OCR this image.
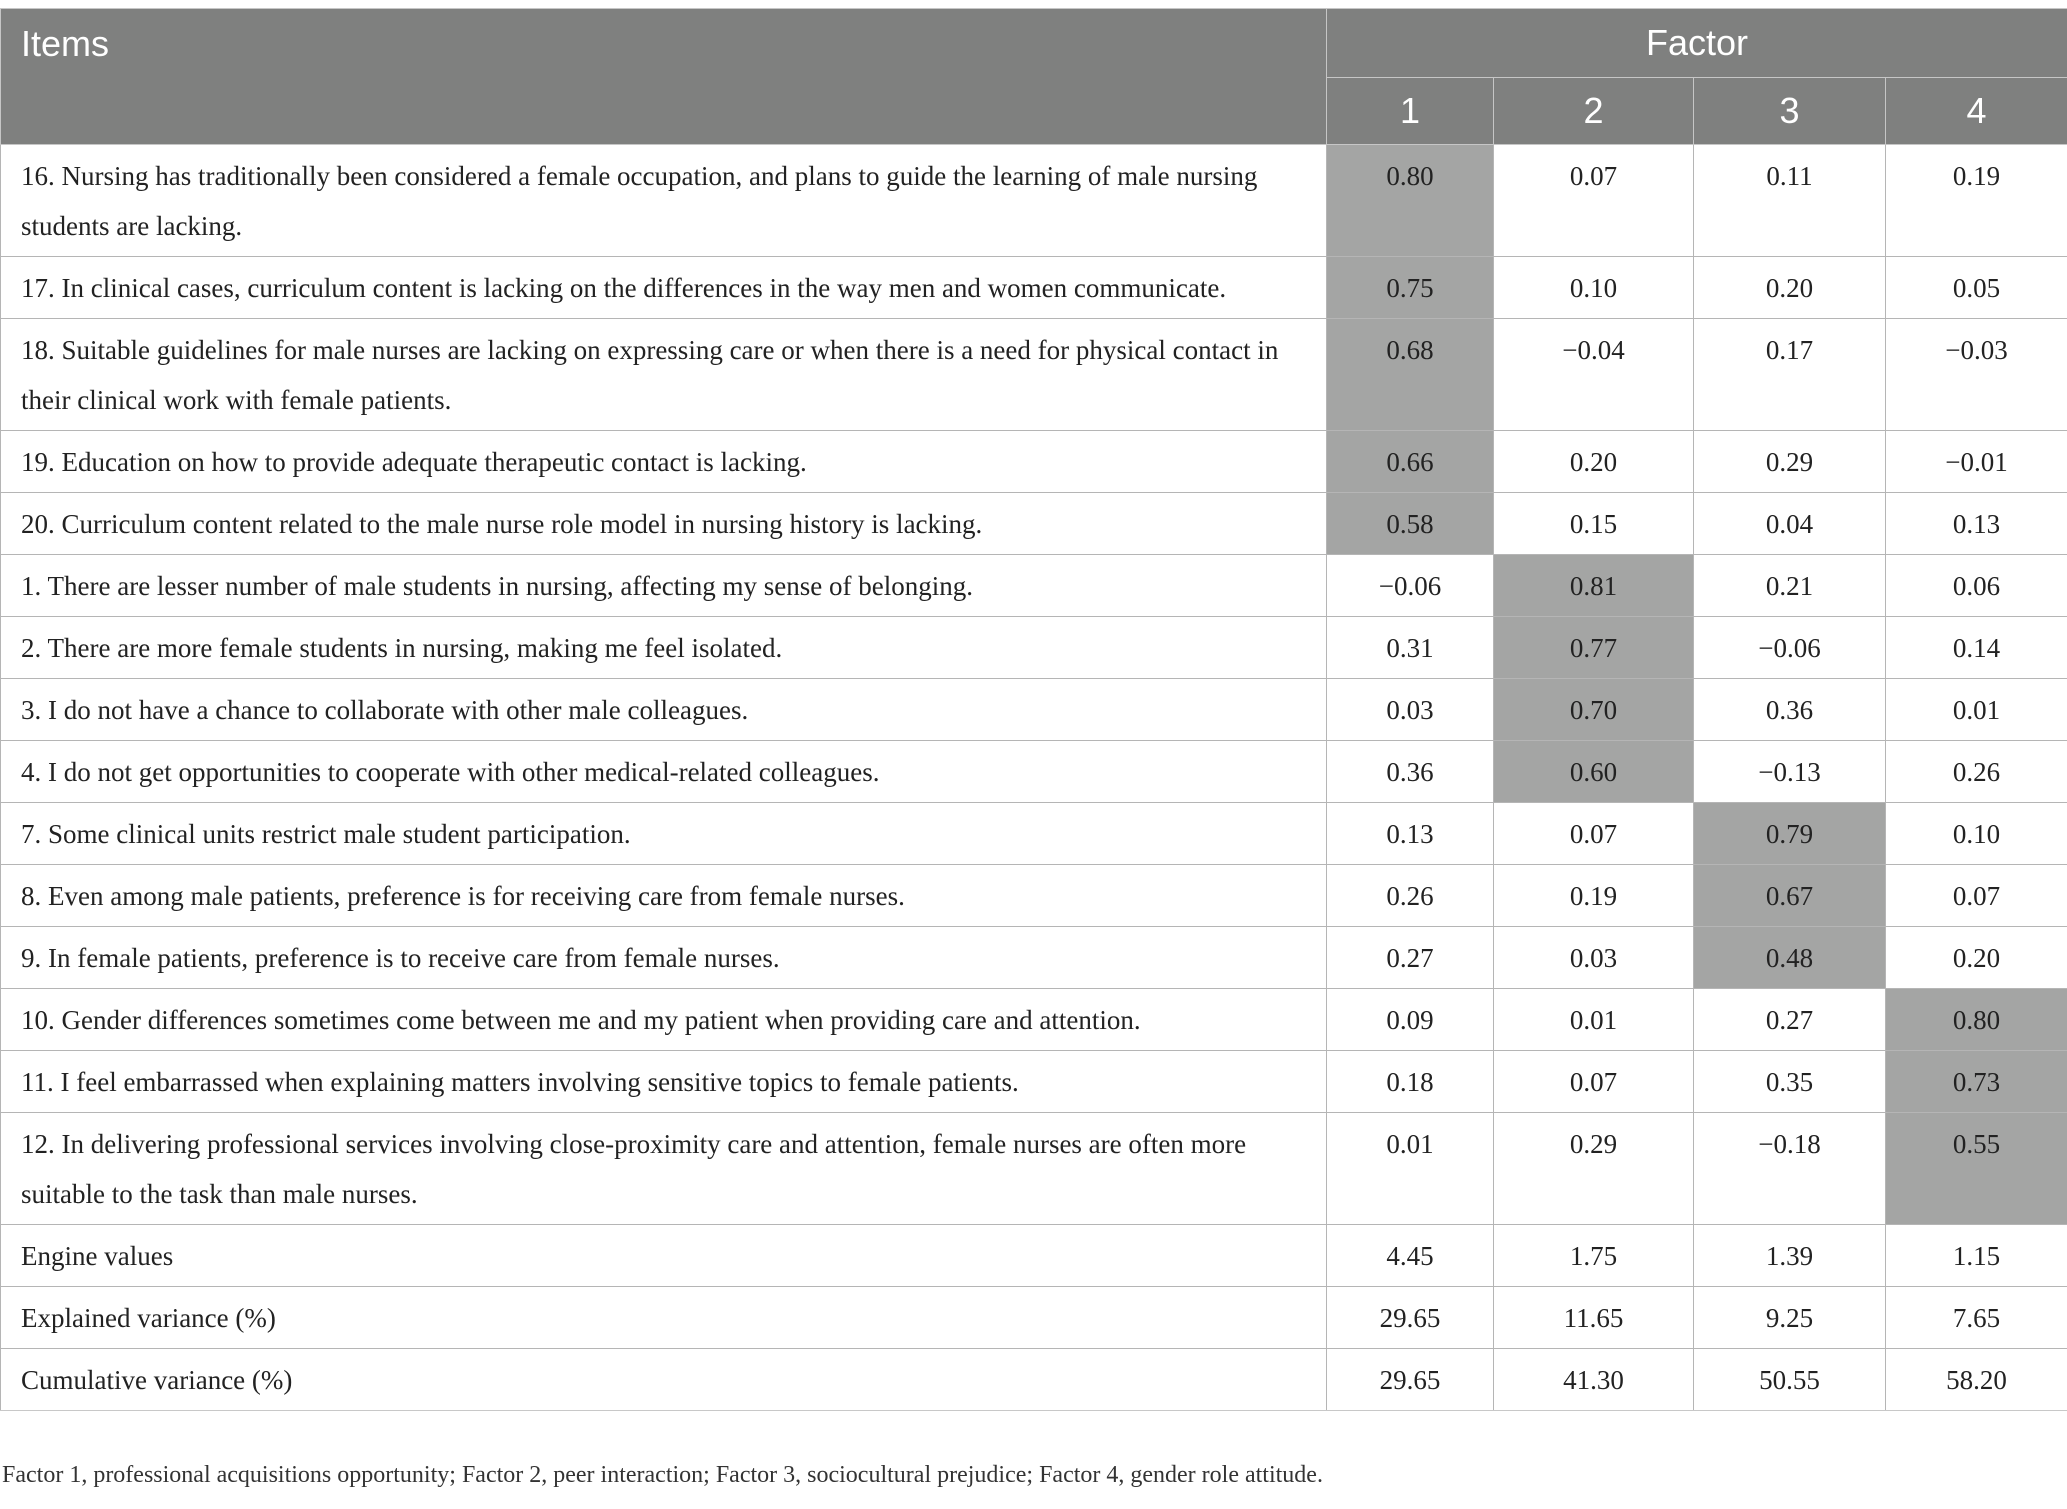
Items	Factor			
	1	2	3	4
16. Nursing has traditionally been considered a female occupation, and plans to guide the learning of male nursing students are lacking.	0.80	0.07	0.11	0.19
17. In clinical cases, curriculum content is lacking on the differences in the way men and women communicate.	0.75	0.10	0.20	0.05
18. Suitable guidelines for male nurses are lacking on expressing care or when there is a need for physical contact in their clinical work with female patients.	0.68	−0.04	0.17	−0.03
19. Education on how to provide adequate therapeutic contact is lacking.	0.66	0.20	0.29	−0.01
20. Curriculum content related to the male nurse role model in nursing history is lacking.	0.58	0.15	0.04	0.13
1. There are lesser number of male students in nursing, affecting my sense of belonging.	−0.06	0.81	0.21	0.06
2. There are more female students in nursing, making me feel isolated.	0.31	0.77	−0.06	0.14
3. I do not have a chance to collaborate with other male colleagues.	0.03	0.70	0.36	0.01
4. I do not get opportunities to cooperate with other medical-related colleagues.	0.36	0.60	−0.13	0.26
7. Some clinical units restrict male student participation.	0.13	0.07	0.79	0.10
8. Even among male patients, preference is for receiving care from female nurses.	0.26	0.19	0.67	0.07
9. In female patients, preference is to receive care from female nurses.	0.27	0.03	0.48	0.20
10. Gender differences sometimes come between me and my patient when providing care and attention.	0.09	0.01	0.27	0.80
11. I feel embarrassed when explaining matters involving sensitive topics to female patients.	0.18	0.07	0.35	0.73
12. In delivering professional services involving close-proximity care and attention, female nurses are often more suitable to the task than male nurses.	0.01	0.29	−0.18	0.55
Engine values	4.45	1.75	1.39	1.15
Explained variance (%)	29.65	11.65	9.25	7.65
Cumulative variance (%)	29.65	41.30	50.55	58.20
Factor 1, professional acquisitions opportunity; Factor 2, peer interaction; Factor 3, sociocultural prejudice; Factor 4, gender role attitude.
